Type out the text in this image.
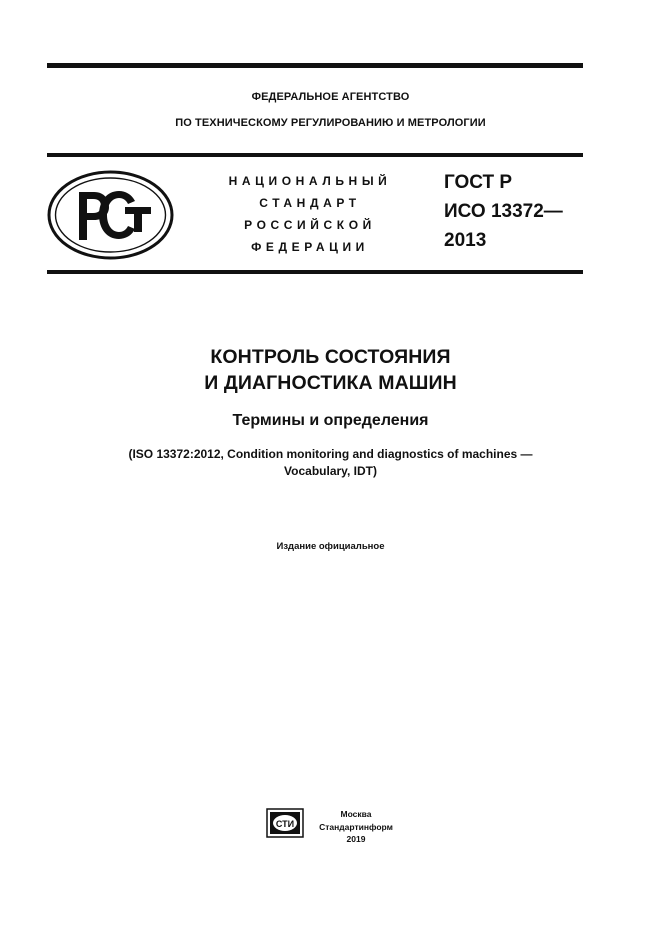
ФЕДЕРАЛЬНОЕ АГЕНТСТВО
ПО ТЕХНИЧЕСКОМУ РЕГУЛИРОВАНИЮ И МЕТРОЛОГИИ
НАЦИОНАЛЬНЫЙ
СТАНДАРТ
РОССИЙСКОЙ
ФЕДЕРАЦИИ
ГОСТ Р
ИСО 13372—
2013
КОНТРОЛЬ СОСТОЯНИЯ
И ДИАГНОСТИКА МАШИН
Термины и определения
(ISO 13372:2012, Condition monitoring and diagnostics of machines —
Vocabulary, IDT)
Издание официальное
СТИ
Москва
Стандартинформ
2019
